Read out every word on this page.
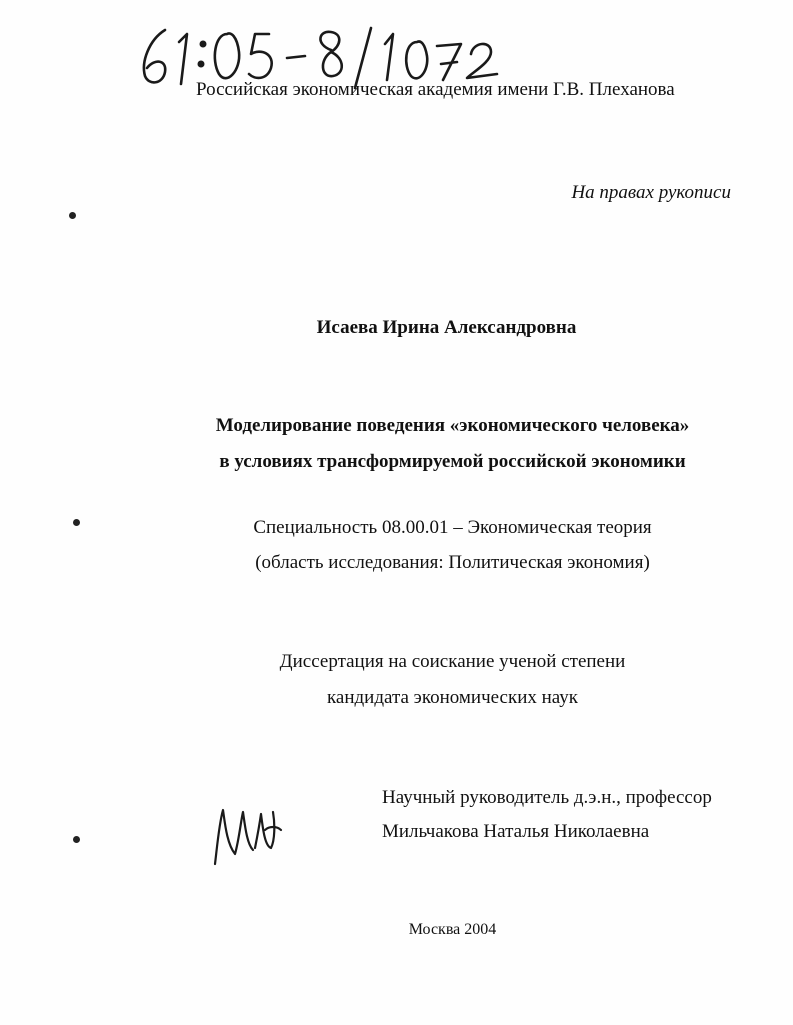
Российская экономическая академия имени Г.В. Плеханова
На правах рукописи
Исаева Ирина Александровна
Моделирование поведения «экономического человека»
в условиях трансформируемой российской экономики
Специальность 08.00.01 – Экономическая теория
(область исследования: Политическая экономия)
Диссертация на соискание ученой степени
кандидата экономических наук
Научный руководитель д.э.н., профессор
Мильчакова Наталья Николаевна
Москва 2004
